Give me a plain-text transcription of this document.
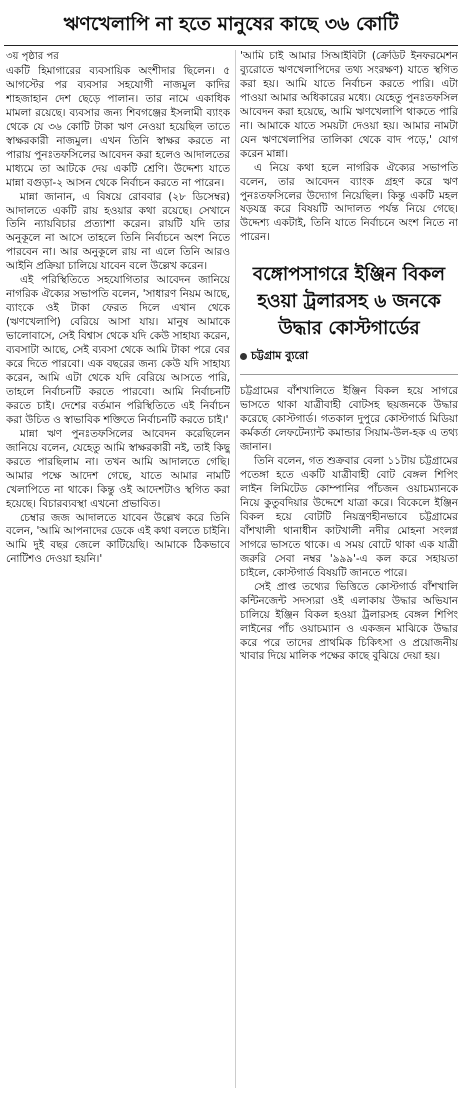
ঋণখেলাপি না হতে মানুষের কাছে ৩৬ কোটি
৩য় পৃষ্ঠার পর

একটি হিমাগারের ব্যবসায়িক অংশীদার ছিলেন। ৫ আগস্টের পর ব্যবসার সহযোগী নাজমুল কাদির শাহজাহান দেশ ছেড়ে পালান। তার নামে একাধিক মামলা রয়েছে। ব্যবসার জন্য শিবগঞ্জের ইসলামী ব্যাংক থেকে যে ৩৬ কোটি টাকা ঋণ নেওয়া হয়েছিল তাতে স্বাক্ষরকারী নাজমুল। এখন তিনি স্বাক্ষর করতে না পারায় পুনঃতফসিলের আবেদন করা হলেও আদালতের মাধ্যমে তা আটকে দেয় একটি শ্রেণি। উদ্দেশ্য যাতে মান্না বগুড়া-২ আসন থেকে নির্বাচন করতে না পারেন।

মান্না জানান, এ বিষয়ে রোববার (২৮ ডিসেম্বর) আদালতে একটি রায় হওয়ার কথা রয়েছে। সেখানে তিনি ন্যায়বিচার প্রত্যাশা করেন। রায়টি যদি তার অনুকূলে না আসে তাহলে তিনি নির্বাচনে অংশ নিতে পারবেন না। আর অনুকূলে রায় না এলে তিনি আরও আইনি প্রক্রিয়া চালিয়ে যাবেন বলে উল্লেখ করেন।

এই পরিস্থিতিতে সহযোগিতার আবেদন জানিয়ে নাগরিক ঐক্যের সভাপতি বলেন, 'সাধারণ নিয়ম আছে, ব্যাংকে ওই টাকা ফেরত দিলে এখান থেকে (ঋণখেলাপি) বেরিয়ে আসা যায়। মানুষ আমাকে ভালোবাসে, সেই বিশ্বাস থেকে যদি কেউ সাহায্য করেন, ব্যবসাটা আছে, সেই ব্যবসা থেকে আমি টাকা পরে বের করে দিতে পারবো। এক বছরের জন্য কেউ যদি সাহায্য করেন, আমি এটা থেকে যদি বেরিয়ে আসতে পারি, তাহলে নির্বাচনটি করতে পারবো। আমি নির্বাচনটি করতে চাই। দেশের বর্তমান পরিস্থিতিতে এই নির্বাচন করা উচিত ও স্বাভাবিক শক্তিতে নির্বাচনটি করতে চাই।'

মান্না ঋণ পুনঃতফসিলের আবেদন করেছিলেন জানিয়ে বলেন, যেহেতু আমি স্বাক্ষরকারী নই, তাই কিছু করতে পারছিলাম না। তখন আমি আদালতে গেছি। আমার পক্ষে আদেশ গেছে, যাতে আমার নামটি খেলাপিতে না থাকে। কিন্তু ওই আদেশটাও স্থগিত করা হয়েছে। বিচারব্যবস্থা এখনো প্রভাবিত।

চেম্বার জজ আদালতে যাবেন উল্লেখ করে তিনি বলেন, 'আমি আপনাদের ডেকে এই কথা বলতে চাইনি। আমি দুই বছর জেলে কাটিয়েছি। আমাকে ঠিকভাবে নোটিশও দেওয়া হয়নি।'

'আমি চাই আমার সিআইবিটা (ক্রেডিট ইনফরমেশন ব্যুরোতে ঋণখেলাপিদের তথ্য সংরক্ষণ) যাতে স্থগিত করা হয়। আমি যাতে নির্বাচন করতে পারি। এটা পাওয়া আমার অধিকারের মধ্যে। যেহেতু পুনঃতফসিল আবেদন করা হয়েছে, আমি ঋণখেলাপি থাকতে পারি না। আমাকে যাতে সময়টা দেওয়া হয়। আমার নামটা যেন ঋণখেলাপির তালিকা থেকে বাদ পড়ে,' যোগ করেন মান্না।

এ নিয়ে কথা হলে নাগরিক ঐক্যের সভাপতি বলেন, তার আবেদন ব্যাংক গ্রহণ করে ঋণ পুনঃতফসিলের উদ্যোগ নিয়েছিল। কিন্তু একটি মহল ষড়যন্ত্র করে বিষয়টি আদালত পর্যন্ত নিয়ে গেছে। উদ্দেশ্য একটাই, তিনি যাতে নির্বাচনে অংশ নিতে না পারেন।

বঙ্গোপসাগরে ইঞ্জিন বিকল হওয়া ট্রলারসহ ৬ জনকে উদ্ধার কোস্টগার্ডের
চট্টগ্রাম ব্যুরো

চট্টগ্রামের বাঁশখালিতে ইঞ্জিন বিকল হয়ে সাগরে ভাসতে থাকা যাত্রীবাহী বোটসহ ছয়জনকে উদ্ধার করেছে কোস্টগার্ড। গতকাল দুপুরে কোস্টগার্ড মিডিয়া কর্মকর্তা লেফটেন্যান্ট কমান্ডার সিয়াম-উল-হক এ তথ্য জানান।

তিনি বলেন, গত শুক্রবার বেলা ১১টায় চট্টগ্রামের পতেঙ্গা হতে একটি যাত্রীবাহী বোট বেঙ্গল শিপিং লাইন লিমিটেড কোম্পানির পাঁচজন ওয়াচম্যানকে নিয়ে কুতুবদিয়ার উদ্দেশে যাত্রা করে। বিকেলে ইঞ্জিন বিকল হয়ে বোটটি নিয়ন্ত্রণহীনভাবে চট্টগ্রামের বাঁশখালী থানাধীন কাটখালী নদীর মোহনা সংলগ্ন সাগরে ভাসতে থাকে। এ সময় বোটে থাকা এক যাত্রী জরুরি সেবা নম্বর '৯৯৯'-এ কল করে সহায়তা চাইলে, কোস্টগার্ড বিষয়টি জানতে পারে।

সেই প্রাপ্ত তথ্যের ভিত্তিতে কোস্টগার্ড বাঁশখালি কন্টিনজেন্ট সদস্যরা ওই এলাকায় উদ্ধার অভিযান চালিয়ে ইঞ্জিন বিকল হওয়া ট্রলারসহ বেঙ্গল শিপিং লাইনের পাঁচ ওয়াচম্যান ও একজন মাঝিকে উদ্ধার করে পরে তাদের প্রাথমিক চিকিৎসা ও প্রয়োজনীয় খাবার দিয়ে মালিক পক্ষের কাছে বুঝিয়ে দেয়া হয়।
